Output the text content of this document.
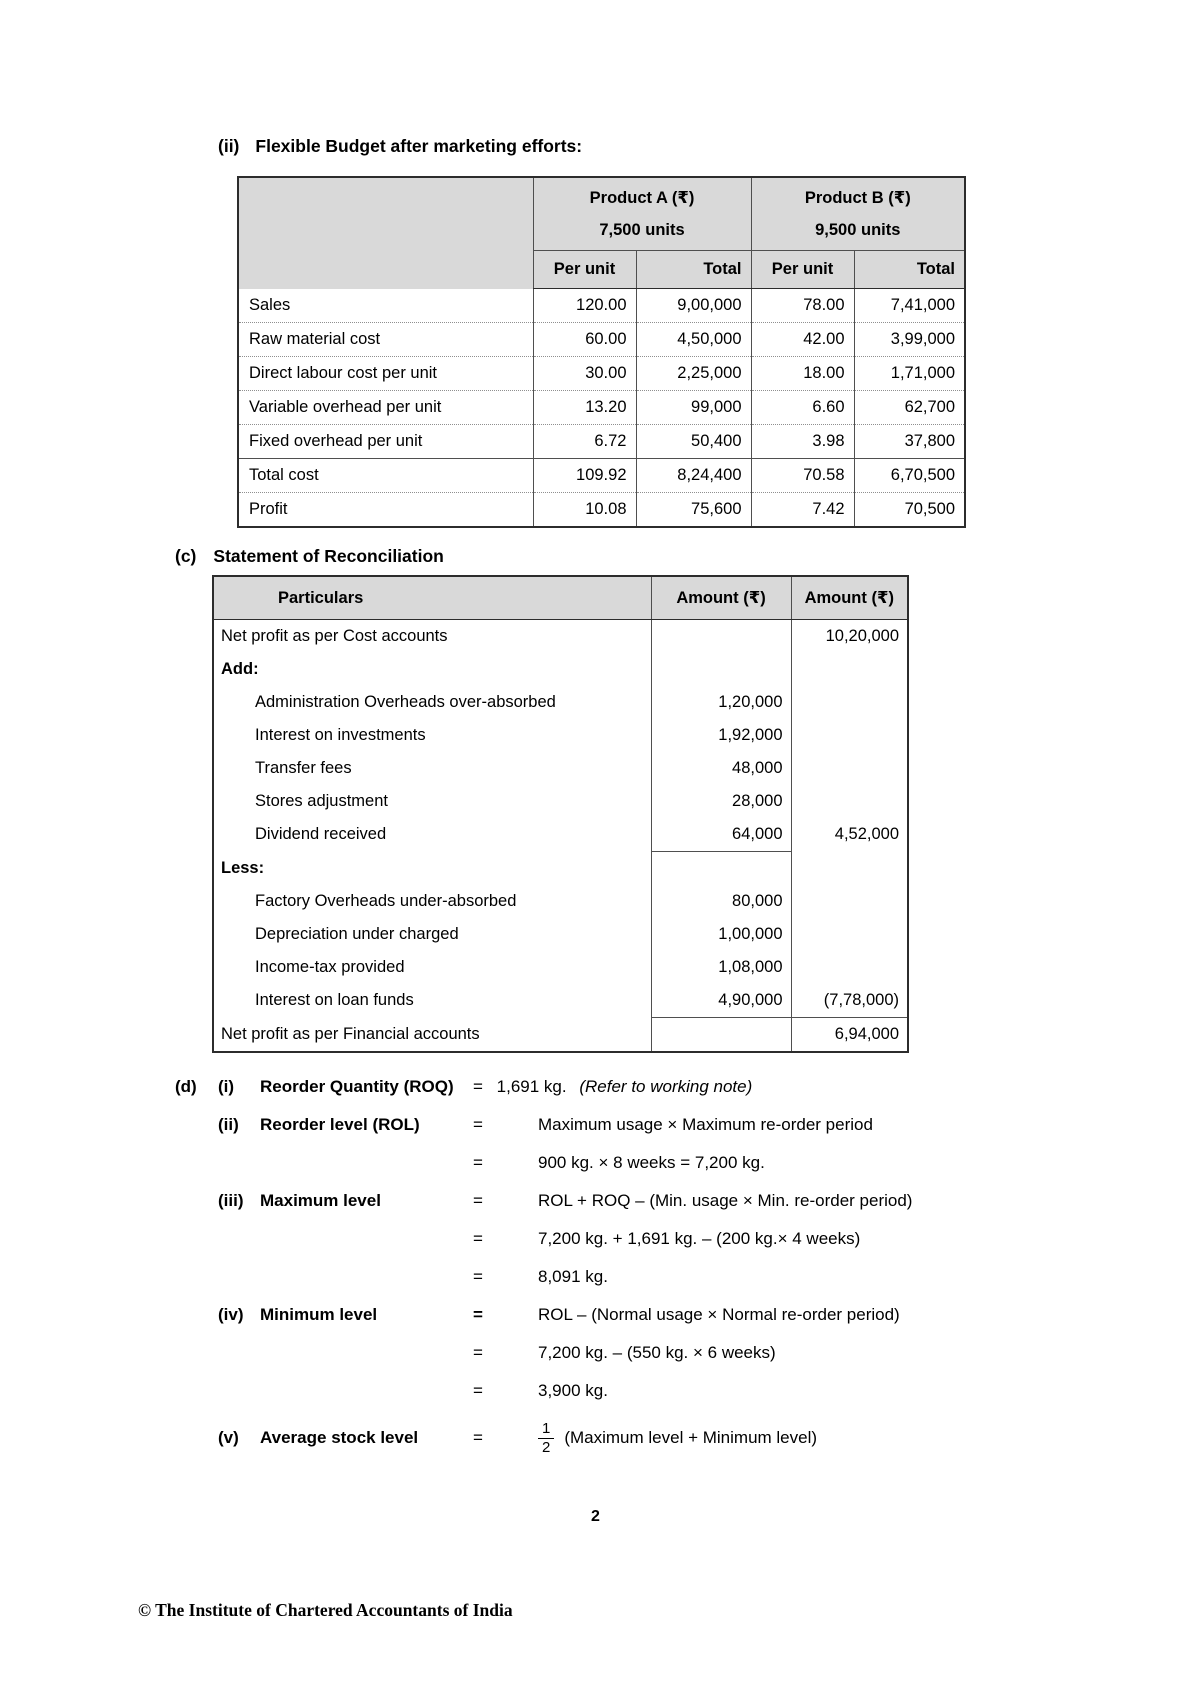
(ii) Flexible Budget after marketing efforts:

Product A (₹)
7,500 units

Product B (₹)
9,500 units

	Per unit	Total	Per unit	Total
Sales	120.00	9,00,000	78.00	7,41,000
Raw material cost	60.00	4,50,000	42.00	3,99,000
Direct labour cost per unit	30.00	2,25,000	18.00	1,71,000
Variable overhead per unit	13.20	99,000	6.60	62,700
Fixed overhead per unit	6.72	50,400	3.98	37,800
Total cost	109.92	8,24,400	70.58	6,70,500
Profit	10.08	75,600	7.42	70,500
(c) Statement of Reconciliation
Particulars	Amount (₹)	Amount (₹)
Net profit as per Cost accounts		10,20,000
Add:		
Administration Overheads over-absorbed	1,20,000	
Interest on investments	1,92,000	
Transfer fees	48,000	
Stores adjustment	28,000	
Dividend received	64,000	4,52,000
Less:		
Factory Overheads under-absorbed	80,000	
Depreciation under charged	1,00,000	
Income-tax provided	1,08,000	
Interest on loan funds	4,90,000	(7,78,000)
Net profit as per Financial accounts		6,94,000
(d)	(i)	Reorder Quantity (ROQ)	= 1,691 kg. (Refer to working note)
(ii)	Reorder level (ROL)	=	Maximum usage × Maximum re-order period
=	900 kg. × 8 weeks = 7,200 kg.
(iii) Maximum level	=	ROL + ROQ – (Min. usage × Min. re-order period)
=	7,200 kg. + 1,691 kg. – (200 kg.× 4 weeks)
=	8,091 kg.
(iv) Minimum level	=	ROL – (Normal usage × Normal re-order period)
=	7,200 kg. – (550 kg. × 6 weeks)
=	3,900 kg.
(v)	Average stock level	=	$\frac{1}{2}$ (Maximum level + Minimum level)
2
© The Institute of Chartered Accountants of India
